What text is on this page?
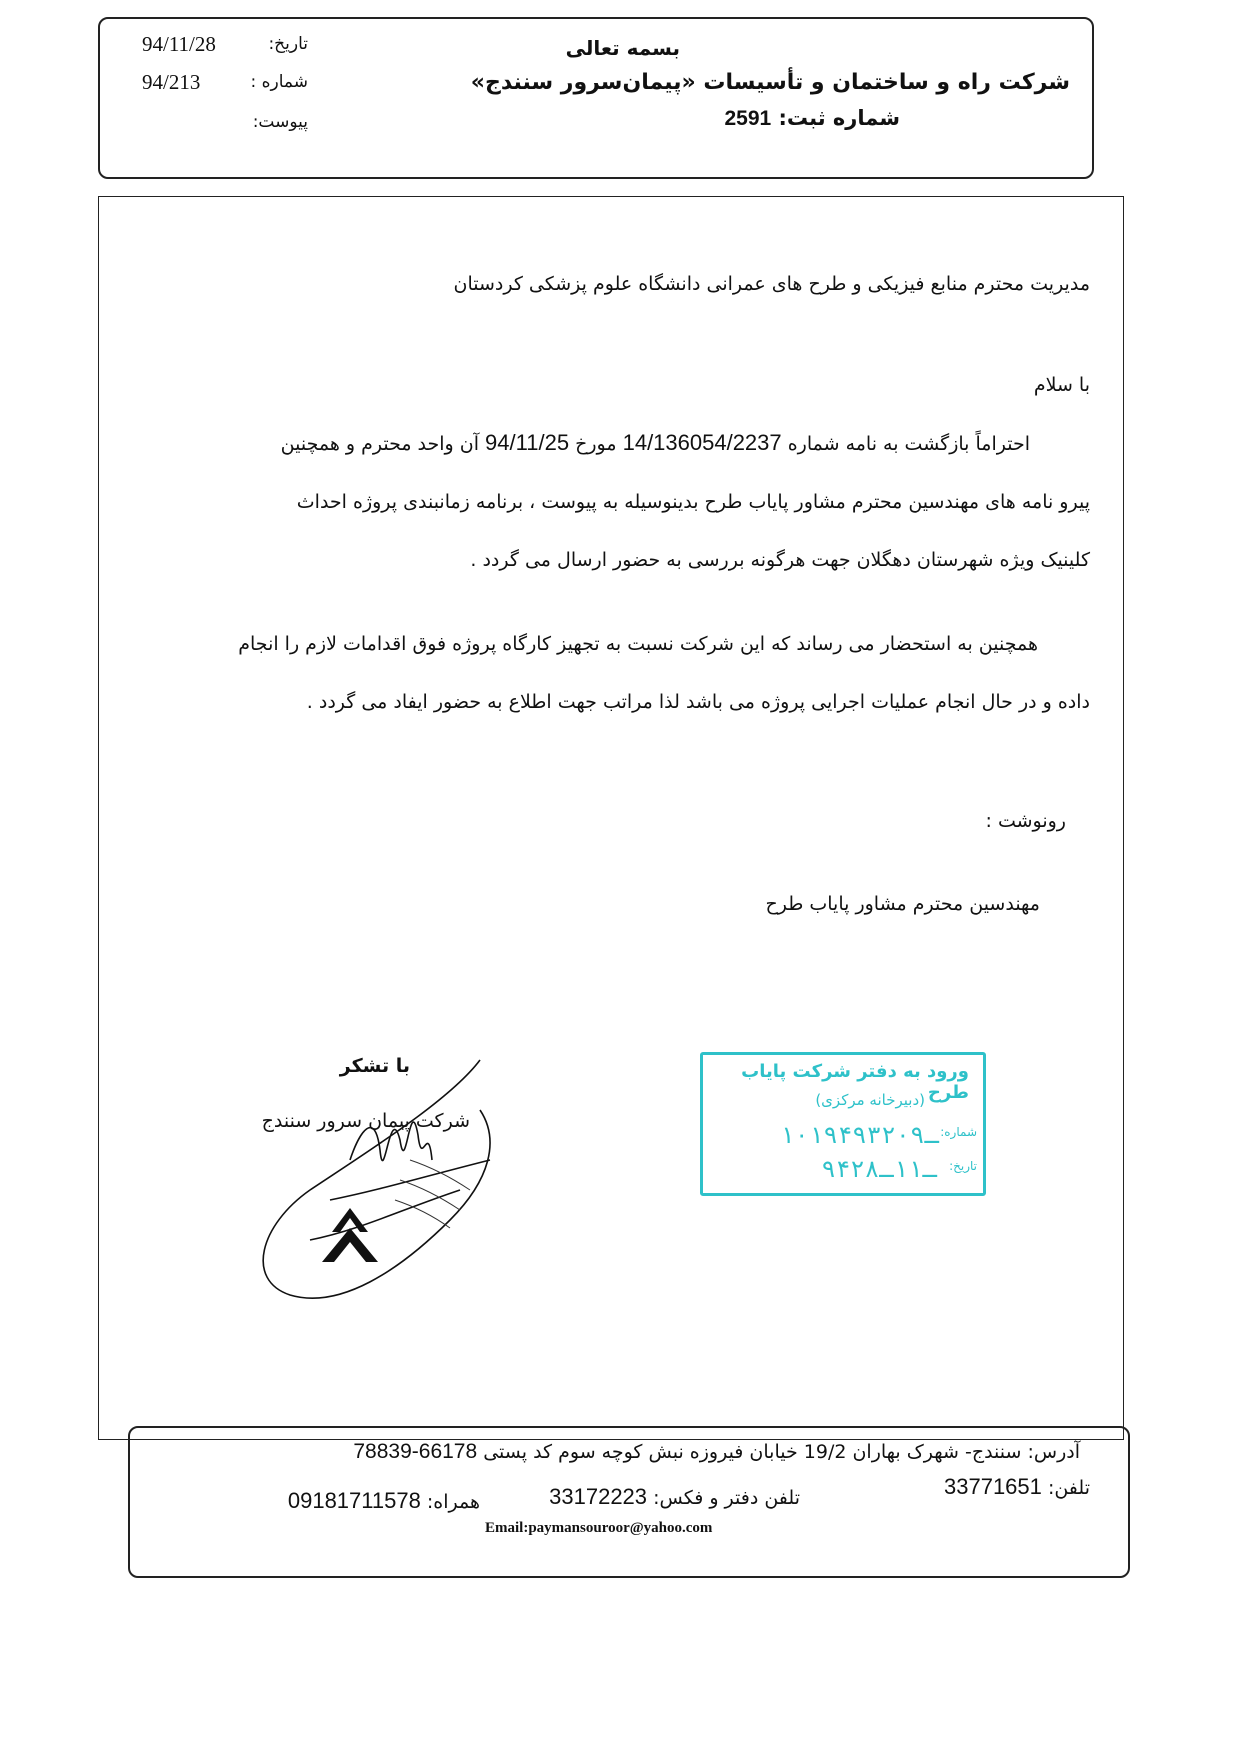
بسمه تعالی
شرکت راه و ساختمان و تأسیسات «پیمان‌سرور سنندج»
شماره ثبت: 2591
تاریخ:
94/11/28
شماره :
94/213
پیوست:
مدیریت محترم منابع فیزیکی و طرح های عمرانی دانشگاه علوم پزشکی کردستان
با سلام
احتراماً بازگشت به نامه شماره 14/136054/2237 مورخ 94/11/25 آن واحد محترم و همچنین
پیرو نامه های مهندسین محترم مشاور پایاب طرح بدینوسیله به پیوست ، برنامه زمانبندی پروژه احداث
کلینیک ویژه شهرستان دهگلان جهت هرگونه بررسی به حضور ارسال می گردد .
همچنین به استحضار می رساند که این شرکت نسبت به تجهیز کارگاه پروژه فوق اقدامات لازم را انجام
داده و در حال انجام عملیات اجرایی پروژه می باشد لذا مراتب جهت اطلاع به حضور ایفاد می گردد .
رونوشت :
مهندسین محترم مشاور پایاب طرح
با تشکر
شرکت پیمان سرور سنندج
ورود به دفتر شرکت پایاب طرح
(دبیرخانه مرکزی)
شماره:
۱۰۱۹۴ـ۹۳۲۰۹
تاریخ:
۹۴ـ۱۱ـ۲۸
آدرس: سنندج- شهرک بهاران 19/2 خیابان فیروزه نبش کوچه سوم کد پستی 66178-78839
تلفن: 33771651
تلفن دفتر و فکس: 33172223
همراه: 09181711578
Email:paymansouroor@yahoo.com
